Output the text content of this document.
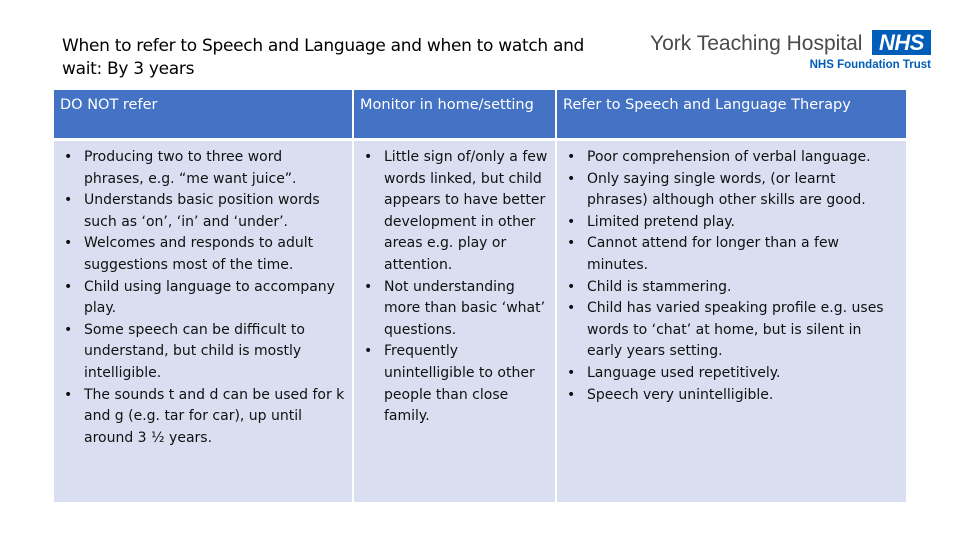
When to refer to Speech and Language and when to watch and
wait: By 3 years
York Teaching Hospital NHS
NHS Foundation Trust
DO NOT refer	Monitor in home/setting	Refer to Speech and Language Therapy
• Producing two to three word phrases, e.g. “me want juice”.
• Understands basic position words such as ‘on’, ‘in’ and ‘under’.
• Welcomes and responds to adult suggestions most of the time.
• Child using language to accompany play.
• Some speech can be difficult to understand, but child is mostly intelligible.
• The sounds t and d can be used for k and g (e.g. tar for car), up until around 3 ½ years.
• Little sign of/only a few words linked, but child appears to have better development in other areas e.g. play or attention.
• Not understanding more than basic ‘what’ questions.
• Frequently unintelligible to other people than close family.
• Poor comprehension of verbal language.
• Only saying single words, (or learnt phrases) although other skills are good.
• Limited pretend play.
• Cannot attend for longer than a few minutes.
• Child is stammering.
• Child has varied speaking profile e.g. uses words to ‘chat’ at home, but is silent in early years setting.
• Language used repetitively.
• Speech very unintelligible.
